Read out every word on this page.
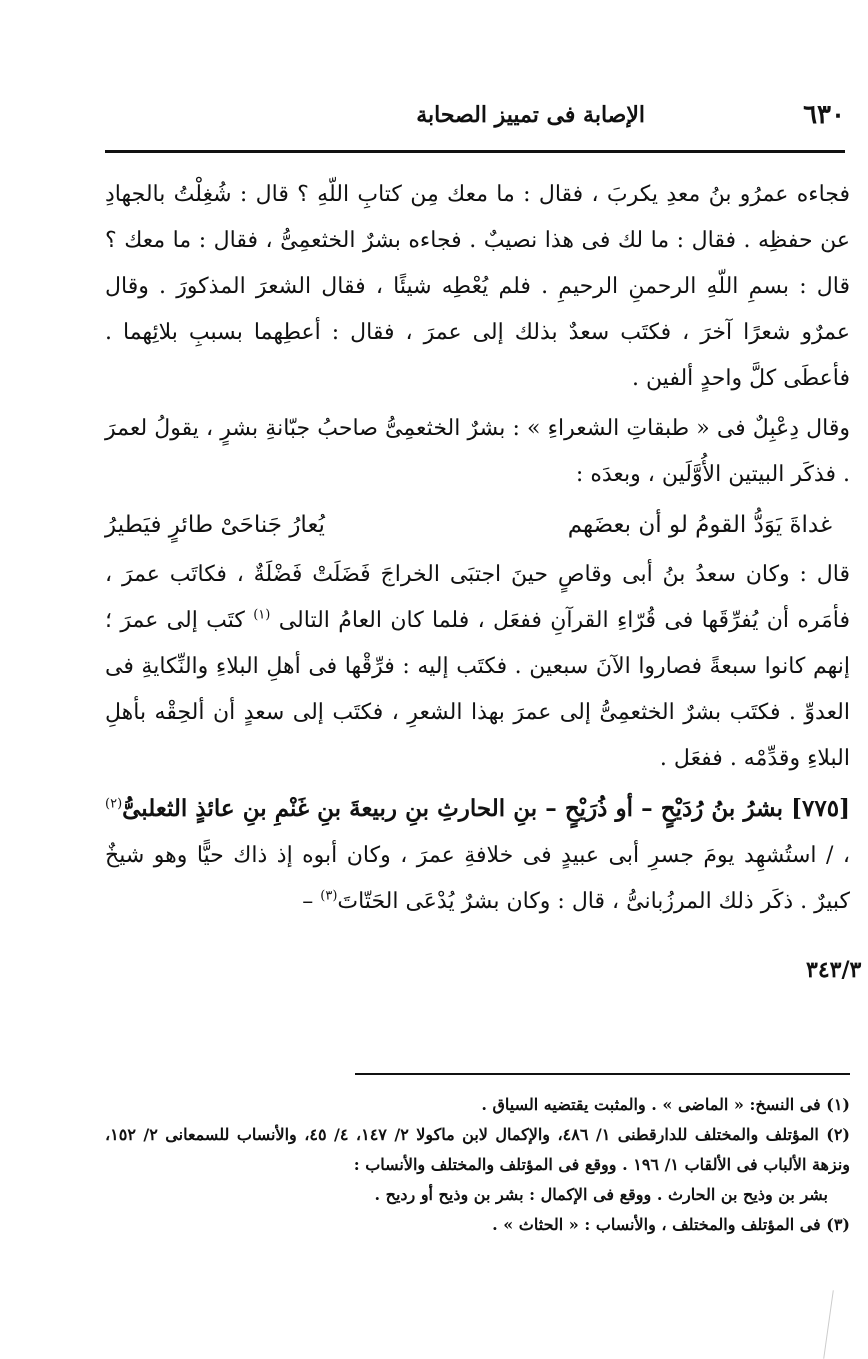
٦٣٠
الإصابة فى تمييز الصحابة

فجاءه عمرُو بنُ معدِ يكربَ ، فقال : ما معك مِن كتابِ اللّهِ ؟ قال : شُغِلْتُ بالجهادِ عن حفظِه . فقال : ما لك فى هذا نصيبٌ . فجاءه بشرٌ الخثعمِىُّ ، فقال : ما معك ؟ قال : بسمِ اللّهِ الرحمنِ الرحيمِ . فلم يُعْطِه شيئًا ، فقال الشعرَ المذكورَ . وقال عمرٌو شعرًا آخرَ ، فكتَب سعدٌ بذلك إلى عمرَ ، فقال : أعطِهما بسببِ بلائِهما . فأعطَى كلَّ واحدٍ ألفين .

وقال دِعْبِلٌ فى « طبقاتِ الشعراءِ » : بشرٌ الخثعمِىُّ صاحبُ جبّانةِ بشرٍ ، يقولُ لعمرَ . فذكَر البيتين الأُوَّلَين ، وبعدَه :

غداةَ يَوَدُّ القومُ لو أن بعضَهم
يُعارُ جَناحَىْ طائرٍ فيَطيرُ

قال : وكان سعدُ بنُ أبى وقاصٍ حينَ اجتبَى الخراجَ فَضَلَتْ فَضْلَةٌ ، فكاتَب عمرَ ، فأمَره أن يُفرِّقَها فى قُرّاءِ القرآنِ ففعَل ، فلما كان العامُ التالى $^{(١)}$ كتَب إلى عمرَ ؛ إنهم كانوا سبعةً فصاروا الآنَ سبعين . فكتَب إليه : فرِّقْها فى أهلِ البلاءِ والنِّكايةِ فى العدوِّ . فكتَب بشرٌ الخثعمِىُّ إلى عمرَ بهذا الشعرِ ، فكتَب إلى سعدٍ أن ألحِقْه بأهلِ البلاءِ وقدِّمْه . ففعَل .

[٧٧٥] بشرُ بنُ رُدَيْحٍ – أو ذُرَيْحٍ – بنِ الحارثِ بنِ ربيعةَ بنِ غَنْمِ بنِ عائذٍ الثعلبىُّ$^{(٢)}$ ، / استُشهِد يومَ جسرِ أبى عبيدٍ فى خلافةِ عمرَ ، وكان أبوه إذ ذاك حيًّا وهو شيخٌ كبيرٌ . ذكَر ذلك المرزُبانىُّ ، قال : وكان بشرٌ يُدْعَى الحَتّاتَ$^{(٣)}$ –

٣٤٣/٣

(١) فى النسخ: « الماضى » . والمثبت يقتضيه السياق .

(٢) المؤتلف والمختلف للدارقطنى ١/ ٤٨٦، والإكمال لابن ماكولا ٢/ ١٤٧، ٤/ ٤٥، والأنساب للسمعانى ٢/ ١٥٢، ونزهة الألباب فى الألقاب ١/ ١٩٦ . ووقع فى المؤتلف والمختلف والأنساب :

بشر بن وذيح بن الحارث . ووقع فى الإكمال : بشر بن وذيح أو رديح .

(٣) فى المؤتلف والمختلف ، والأنساب : « الحثاث » .
